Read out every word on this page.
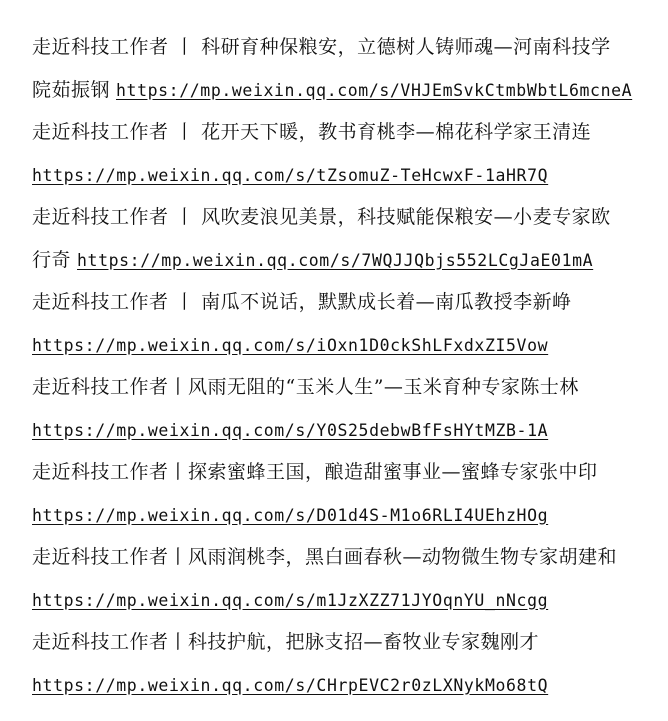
走近科技工作者 丨 科研育种保粮安，立德树人铸师魂—河南科技学
院茹振钢 https://mp.weixin.qq.com/s/VHJEmSvkCtmbWbtL6mcneA
走近科技工作者 丨 花开天下暖，教书育桃李—棉花科学家王清连
https://mp.weixin.qq.com/s/tZsomuZ-TeHcwxF-1aHR7Q
走近科技工作者 丨 风吹麦浪见美景，科技赋能保粮安—小麦专家欧
行奇 https://mp.weixin.qq.com/s/7WQJJQbjs552LCgJaE01mA
走近科技工作者 丨 南瓜不说话，默默成长着—南瓜教授李新峥
https://mp.weixin.qq.com/s/iOxn1D0ckShLFxdxZI5Vow
走近科技工作者丨风雨无阻的“玉米人生”—玉米育种专家陈士林
https://mp.weixin.qq.com/s/Y0S25debwBfFsHYtMZB-1A
走近科技工作者丨探索蜜蜂王国，酿造甜蜜事业—蜜蜂专家张中印
https://mp.weixin.qq.com/s/D01d4S-M1o6RLI4UEhzHOg
走近科技工作者丨风雨润桃李，黑白画春秋—动物微生物专家胡建和
https://mp.weixin.qq.com/s/m1JzXZZ71JYOqnYU_nNcgg
走近科技工作者丨科技护航，把脉支招—畜牧业专家魏刚才
https://mp.weixin.qq.com/s/CHrpEVC2r0zLXNykMo68tQ
